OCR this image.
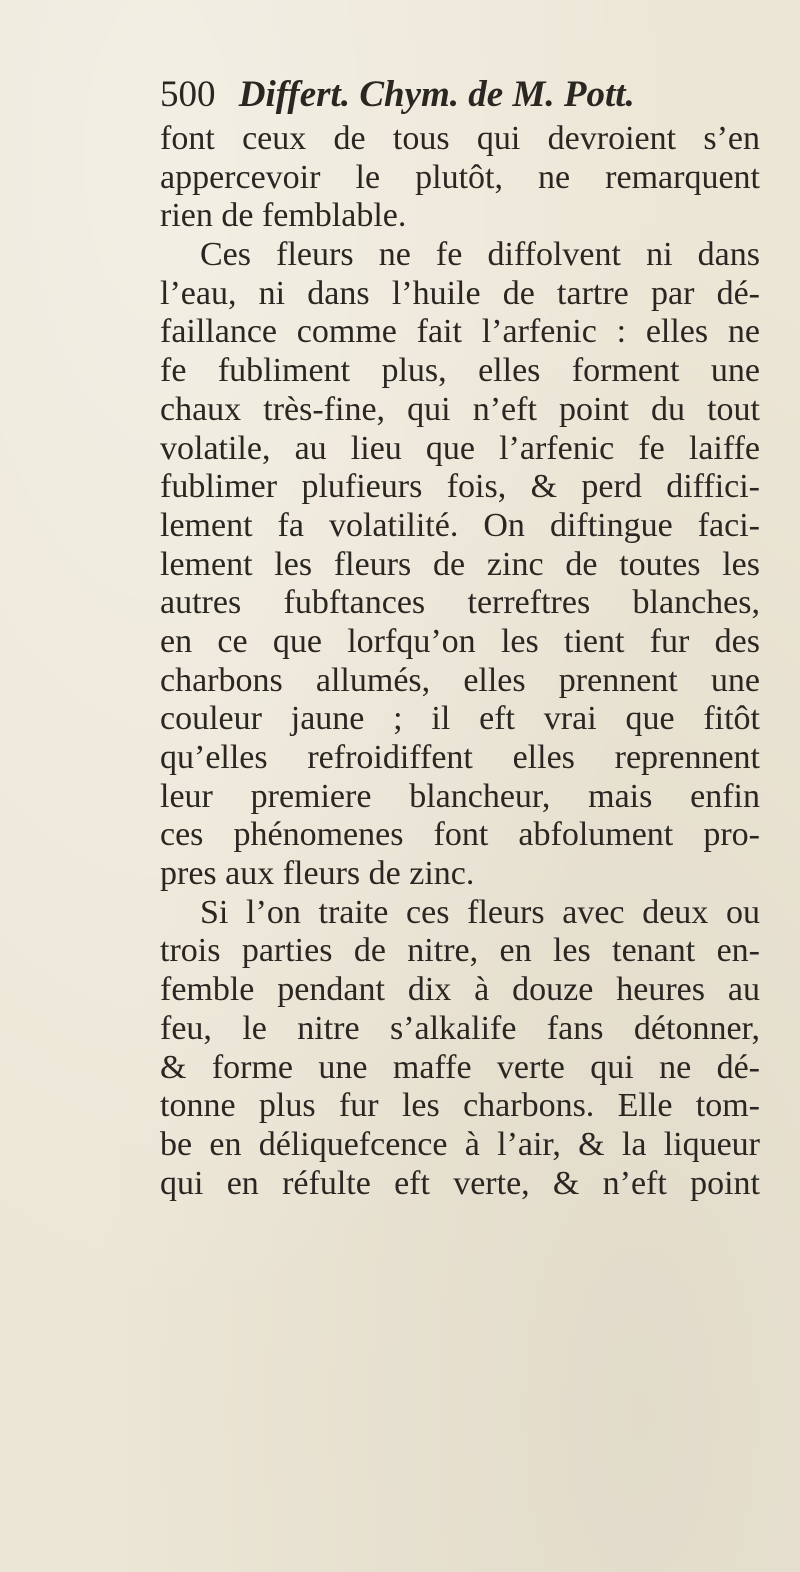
500 Differt. Chym. de M. Pott.
font ceux de tous qui devroient s’en
appercevoir le plutôt, ne remarquent
rien de femblable.
Ces fleurs ne fe diffolvent ni dans
l’eau, ni dans l’huile de tartre par dé-
faillance comme fait l’arfenic : elles ne
fe fubliment plus, elles forment une
chaux très-fine, qui n’eft point du tout
volatile, au lieu que l’arfenic fe laiffe
fublimer plufieurs fois, & perd diffici-
lement fa volatilité. On diftingue faci-
lement les fleurs de zinc de toutes les
autres fubftances terreftres blanches,
en ce que lorfqu’on les tient fur des
charbons allumés, elles prennent une
couleur jaune ; il eft vrai que fitôt
qu’elles refroidiffent elles reprennent
leur premiere blancheur, mais enfin
ces phénomenes font abfolument pro-
pres aux fleurs de zinc.
Si l’on traite ces fleurs avec deux ou
trois parties de nitre, en les tenant en-
femble pendant dix à douze heures au
feu, le nitre s’alkalife fans détonner,
& forme une maffe verte qui ne dé-
tonne plus fur les charbons. Elle tom-
be en déliquefcence à l’air, & la liqueur
qui en réfulte eft verte, & n’eft point
